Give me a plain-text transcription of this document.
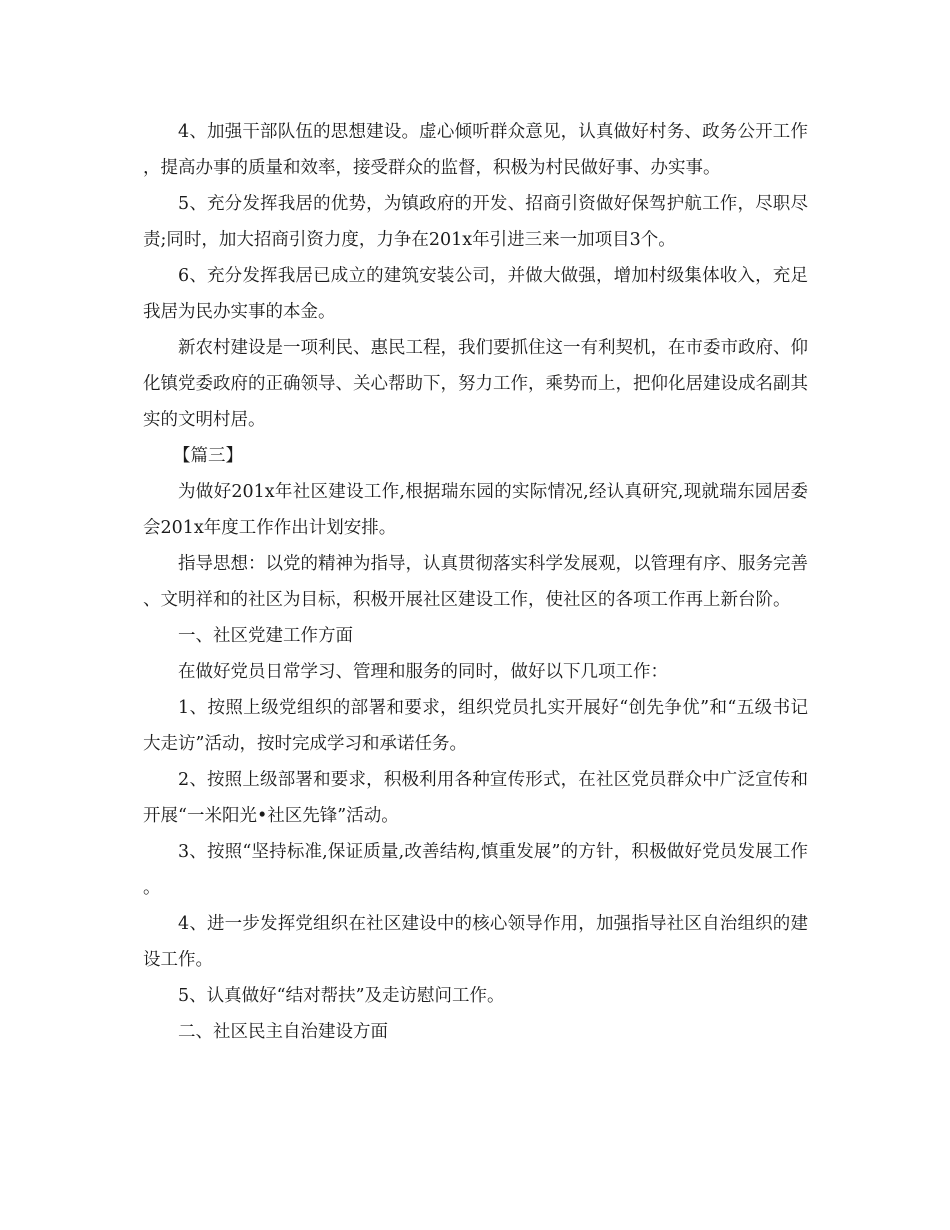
4、加强干部队伍的思想建设。虚心倾听群众意见，认真做好村务、政务公开工作，提高办事的质量和效率，接受群众的监督，积极为村民做好事、办实事。

5、充分发挥我居的优势，为镇政府的开发、招商引资做好保驾护航工作，尽职尽责;同时，加大招商引资力度，力争在201x年引进三来一加项目3个。

6、充分发挥我居已成立的建筑安装公司，并做大做强，增加村级集体收入，充足我居为民办实事的本金。

新农村建设是一项利民、惠民工程，我们要抓住这一有利契机，在市委市政府、仰化镇党委政府的正确领导、关心帮助下，努力工作，乘势而上，把仰化居建设成名副其实的文明村居。

【篇三】

为做好201x年社区建设工作,根据瑞东园的实际情况,经认真研究,现就瑞东园居委会201x年度工作作出计划安排。

指导思想：以党的精神为指导，认真贯彻落实科学发展观，以管理有序、服务完善、文明祥和的社区为目标，积极开展社区建设工作，使社区的各项工作再上新台阶。

一、社区党建工作方面

在做好党员日常学习、管理和服务的同时，做好以下几项工作：

1、按照上级党组织的部署和要求，组织党员扎实开展好“创先争优”和“五级书记大走访”活动，按时完成学习和承诺任务。

2、按照上级部署和要求，积极利用各种宣传形式，在社区党员群众中广泛宣传和开展“一米阳光•社区先锋”活动。

3、按照“坚持标准,保证质量,改善结构,慎重发展”的方针，积极做好党员发展工作。

4、进一步发挥党组织在社区建设中的核心领导作用，加强指导社区自治组织的建设工作。

5、认真做好“结对帮扶”及走访慰问工作。

二、社区民主自治建设方面
